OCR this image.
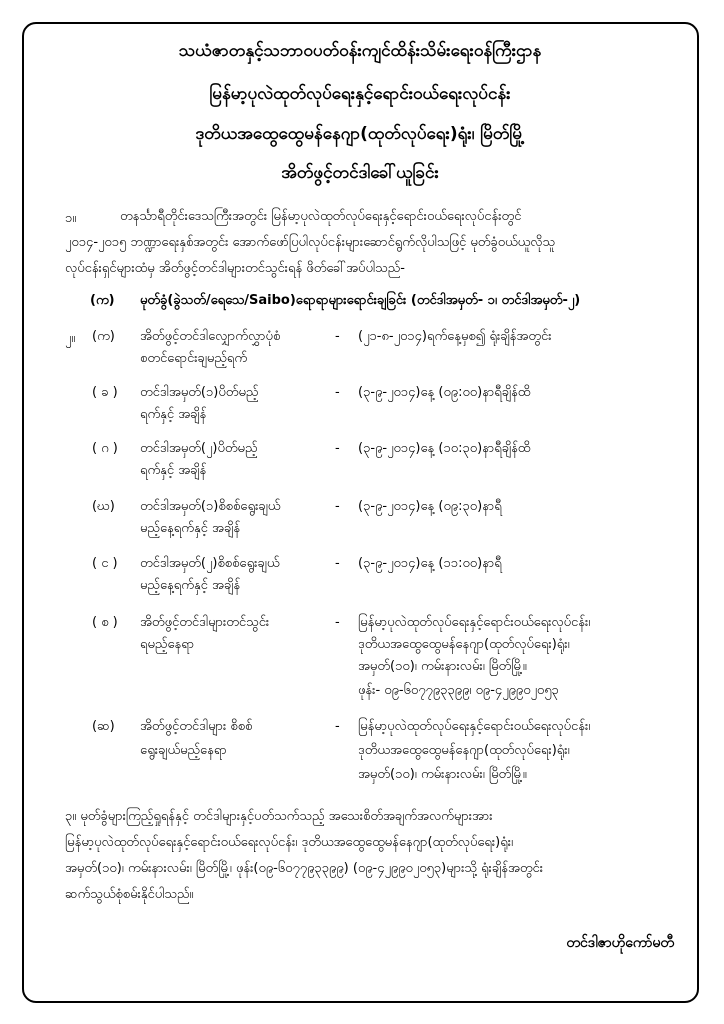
သယံဇာတနှင့်သဘာဝပတ်ဝန်းကျင်ထိန်းသိမ်းရေးဝန်ကြီးဌာန
မြန်မာ့ပုလဲထုတ်လုပ်ရေးနှင့်ရောင်းဝယ်ရေးလုပ်ငန်း
ဒုတိယအထွေထွေမန်နေဂျာ(ထုတ်လုပ်ရေး)ရုံး၊ မြိတ်မြို့
အိတ်ဖွင့်တင်ဒါခေါ်ယူခြင်း
၁။	တနင်္သာရီတိုင်းဒေသကြီးအတွင်း မြန်မာ့ပုလဲထုတ်လုပ်ရေးနှင့်ရောင်းဝယ်ရေးလုပ်ငန်းတွင်
၂၀၁၄-၂၀၁၅ ဘဏ္ဍာရေးနှစ်အတွင်း အောက်ဖော်ပြပါလုပ်ငန်းများဆောင်ရွက်လိုပါသဖြင့် မုတ်ခွံဝယ်ယူလိုသူ
လုပ်ငန်းရှင်များထံမှ အိတ်ဖွင့်တင်ဒါများတင်သွင်းရန် ဖိတ်ခေါ်အပ်ပါသည်-
(က) မုတ်ခွံ(ခွဲသတ်/ရေသေ/Saibo)ရောရာများရောင်းချခြင်း (တင်ဒါအမှတ်- ၁၊ တင်ဒါအမှတ်-၂)
၂။ (က) အိတ်ဖွင့်တင်ဒါလျှောက်လွှာပုံစံ
စတင်ရောင်းချမည့်ရက်
- (၂၁-၈-၂၀၁၄)ရက်နေ့မှစ၍ ရုံးချိန်အတွင်း
( ခ ) တင်ဒါအမှတ်(၁)ပိတ်မည့်
ရက်နှင့် အချိန်
- (၃-၉-၂၀၁၄)နေ့ (၀၉:၀၀)နာရီချိန်ထိ
( ဂ ) တင်ဒါအမှတ်(၂)ပိတ်မည့်
ရက်နှင့် အချိန်
- (၃-၉-၂၀၁၄)နေ့ (၁၀:၃၀)နာရီချိန်ထိ
(ဃ) တင်ဒါအမှတ်(၁)စိစစ်ရွေးချယ်
မည့်နေ့ရက်နှင့် အချိန်
- (၃-၉-၂၀၁၄)နေ့ (၀၉:၃၀)နာရီ
( င ) တင်ဒါအမှတ်(၂)စိစစ်ရွေးချယ်
မည့်နေ့ရက်နှင့် အချိန်
- (၃-၉-၂၀၁၄)နေ့ (၁၁:၀၀)နာရီ
( စ ) အိတ်ဖွင့်တင်ဒါများတင်သွင်း
ရမည့်နေရာ
- မြန်မာ့ပုလဲထုတ်လုပ်ရေးနှင့်ရောင်းဝယ်ရေးလုပ်ငန်း၊
ဒုတိယအထွေထွေမန်နေဂျာ(ထုတ်လုပ်ရေး)ရုံး၊
အမှတ်(၁၀)၊ ကမ်းနားလမ်း၊ မြိတ်မြို့။
ဖုန်း- ၀၉-၆၀၇၇၉၃၃၉၉၊ ၀၉-၄၂၉၉၀၂၀၅၃
(ဆ) အိတ်ဖွင့်တင်ဒါများ စိစစ်
ရွေးချယ်မည့်နေရာ
- မြန်မာ့ပုလဲထုတ်လုပ်ရေးနှင့်ရောင်းဝယ်ရေးလုပ်ငန်း၊
ဒုတိယအထွေထွေမန်နေဂျာ(ထုတ်လုပ်ရေး)ရုံး၊
အမှတ်(၁၀)၊ ကမ်းနားလမ်း၊ မြိတ်မြို့။
၃။ မုတ်ခွံများကြည့်ရှုရန်နှင့် တင်ဒါများနှင့်ပတ်သက်သည့် အသေးစိတ်အချက်အလက်များအား
မြန်မာ့ပုလဲထုတ်လုပ်ရေးနှင့်ရောင်းဝယ်ရေးလုပ်ငန်း၊ ဒုတိယအထွေထွေမန်နေဂျာ(ထုတ်လုပ်ရေး)ရုံး၊
အမှတ်(၁၀)၊ ကမ်းနားလမ်း၊ မြိတ်မြို့၊ ဖုန်း(၀၉-၆၀၇၇၉၃၃၉၉) (၀၉-၄၂၉၉၀၂၀၅၃)များသို့ ရုံးချိန်အတွင်း
ဆက်သွယ်စုံစမ်းနိုင်ပါသည်။
တင်ဒါဇာဟိုကော်မတီ
